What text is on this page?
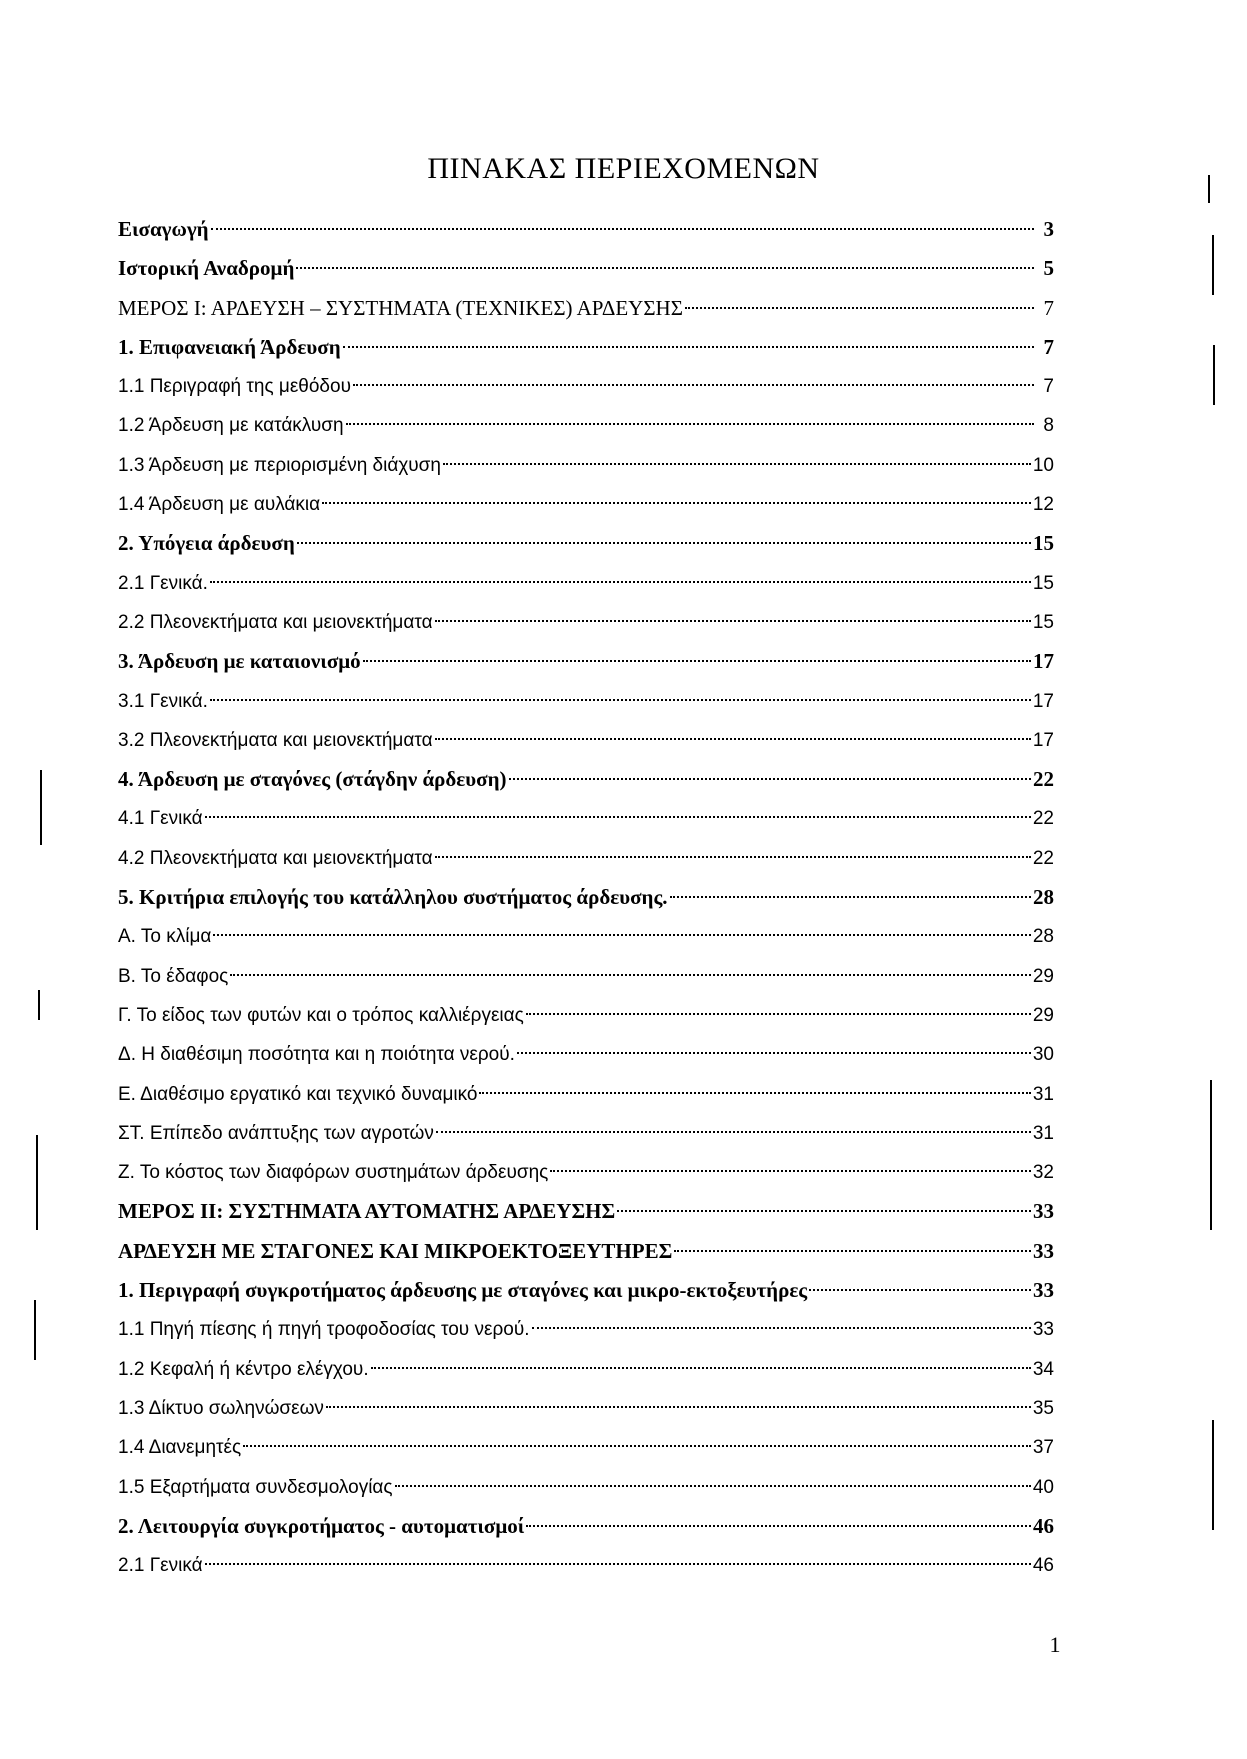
ΠΙΝΑΚΑΣ ΠΕΡΙΕΧΟΜΕΝΩΝ
Εισαγωγή	3
Ιστορική Αναδρομή	5
ΜΕΡΟΣ Ι: ΑΡΔΕΥΣΗ – ΣΥΣΤΗΜΑΤΑ (ΤΕΧΝΙΚΕΣ) ΑΡΔΕΥΣΗΣ	7
1. Επιφανειακή Άρδευση	7
1.1 Περιγραφή της μεθόδου	7
1.2 Άρδευση με κατάκλυση	8
1.3 Άρδευση με περιορισμένη διάχυση	10
1.4 Άρδευση με αυλάκια	12
2. Υπόγεια άρδευση	15
2.1 Γενικά.	15
2.2 Πλεονεκτήματα και μειονεκτήματα	15
3. Άρδευση με καταιονισμό	17
3.1 Γενικά.	17
3.2 Πλεονεκτήματα και μειονεκτήματα	17
4. Άρδευση με σταγόνες (στάγδην άρδευση)	22
4.1 Γενικά	22
4.2 Πλεονεκτήματα και μειονεκτήματα	22
5. Κριτήρια επιλογής του κατάλληλου συστήματος άρδευσης.	28
Α. Το κλίμα	28
Β. Το έδαφος	29
Γ. Το είδος των φυτών και ο τρόπος καλλιέργειας	29
Δ. Η διαθέσιμη ποσότητα και η ποιότητα νερού.	30
Ε. Διαθέσιμο εργατικό και τεχνικό δυναμικό	31
ΣΤ. Επίπεδο ανάπτυξης των αγροτών	31
Ζ. Το κόστος των διαφόρων συστημάτων άρδευσης	32
ΜΕΡΟΣ ΙΙ: ΣΥΣΤΗΜΑΤΑ ΑΥΤΟΜΑΤΗΣ ΑΡΔΕΥΣΗΣ	33
ΑΡΔΕΥΣΗ ΜΕ ΣΤΑΓΟΝΕΣ ΚΑΙ ΜΙΚΡΟΕΚΤΟΞΕΥΤΗΡΕΣ	33
1. Περιγραφή συγκροτήματος άρδευσης με σταγόνες και μικρο-εκτοξευτήρες	33
1.1 Πηγή πίεσης ή πηγή τροφοδοσίας του νερού.	33
1.2 Κεφαλή ή κέντρο ελέγχου.	34
1.3 Δίκτυο σωληνώσεων	35
1.4 Διανεμητές	37
1.5 Εξαρτήματα συνδεσμολογίας	40
2. Λειτουργία συγκροτήματος - αυτοματισμοί	46
2.1 Γενικά	46
1
